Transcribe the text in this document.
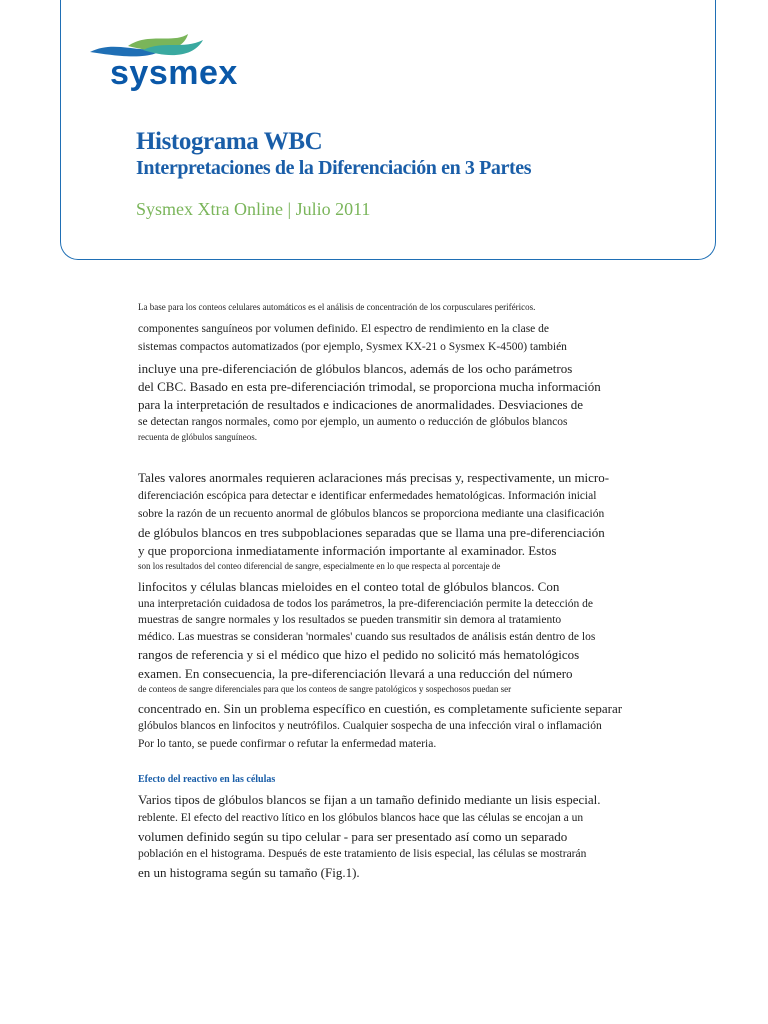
sysmex
Histograma WBC
Interpretaciones de la Diferenciación en 3 Partes
Sysmex Xtra Online | Julio 2011

La base para los conteos celulares automáticos es el análisis de concentración de los corpusculares periféricos.

componentes sanguíneos por volumen definido. El espectro de rendimiento en la clase de

sistemas compactos automatizados (por ejemplo, Sysmex KX-21 o Sysmex K-4500) también

incluye una pre-diferenciación de glóbulos blancos, además de los ocho parámetros

del CBC. Basado en esta pre-diferenciación trimodal, se proporciona mucha información

para la interpretación de resultados e indicaciones de anormalidades. Desviaciones de

se detectan rangos normales, como por ejemplo, un aumento o reducción de glóbulos blancos

recuenta de glóbulos sanguíneos.

Tales valores anormales requieren aclaraciones más precisas y, respectivamente, un micro-

diferenciación escópica para detectar e identificar enfermedades hematológicas. Información inicial

sobre la razón de un recuento anormal de glóbulos blancos se proporciona mediante una clasificación

de glóbulos blancos en tres subpoblaciones separadas que se llama una pre-diferenciación

y que proporciona inmediatamente información importante al examinador. Estos

son los resultados del conteo diferencial de sangre, especialmente en lo que respecta al porcentaje de

linfocitos y células blancas mieloides en el conteo total de glóbulos blancos. Con

una interpretación cuidadosa de todos los parámetros, la pre-diferenciación permite la detección de

muestras de sangre normales y los resultados se pueden transmitir sin demora al tratamiento

médico. Las muestras se consideran 'normales' cuando sus resultados de análisis están dentro de los

rangos de referencia y si el médico que hizo el pedido no solicitó más hematológicos

examen. En consecuencia, la pre-diferenciación llevará a una reducción del número

de conteos de sangre diferenciales para que los conteos de sangre patológicos y sospechosos puedan ser

concentrado en. Sin un problema específico en cuestión, es completamente suficiente separar

glóbulos blancos en linfocitos y neutrófilos. Cualquier sospecha de una infección viral o inflamación

Por lo tanto, se puede confirmar o refutar la enfermedad materia.

Efecto del reactivo en las células

Varios tipos de glóbulos blancos se fijan a un tamaño definido mediante un lisis especial.

reblente. El efecto del reactivo lítico en los glóbulos blancos hace que las células se encojan a un

volumen definido según su tipo celular - para ser presentado así como un separado

población en el histograma. Después de este tratamiento de lisis especial, las células se mostrarán

en un histograma según su tamaño (Fig.1).
